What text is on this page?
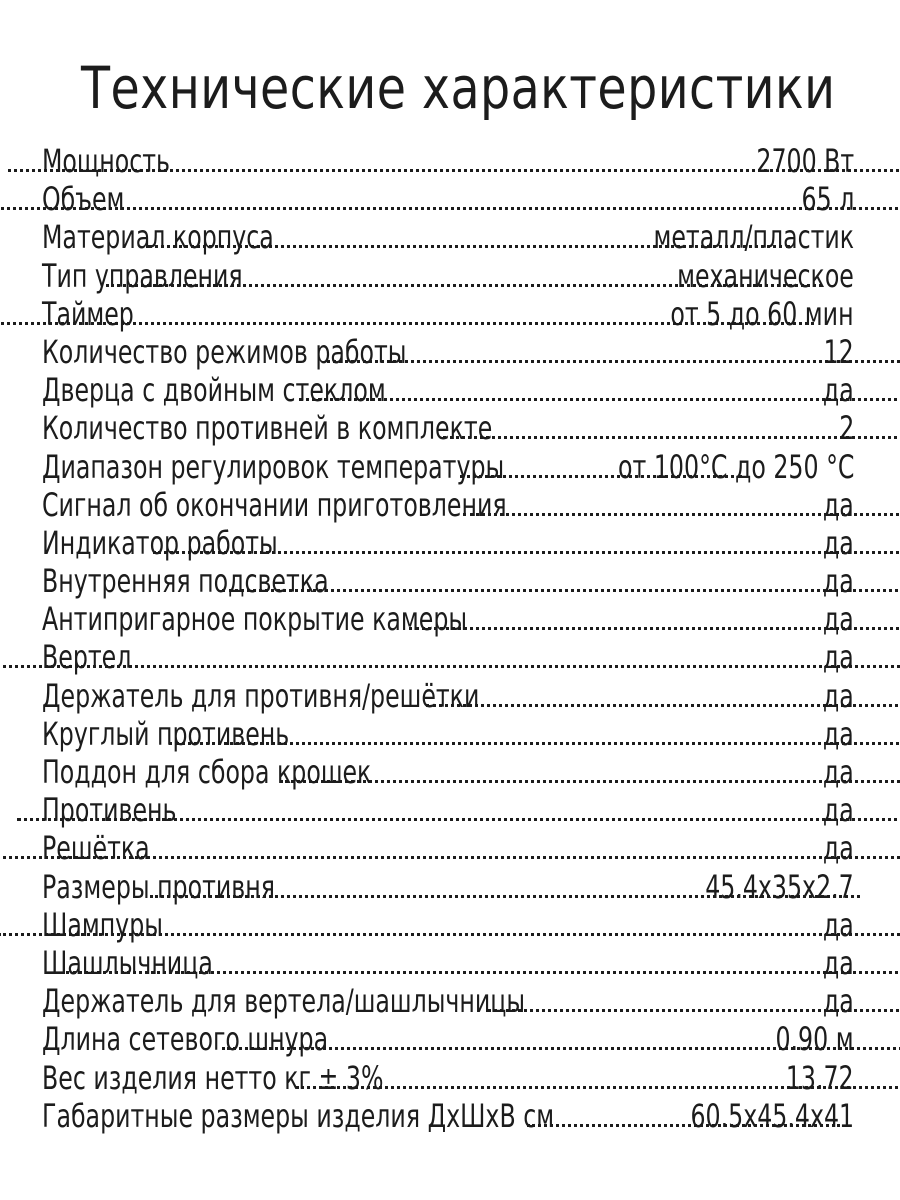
Технические характеристики
Мощность	2700 Вт
Объем	65 л
Материал корпуса	металл/пластик
Тип управления	механическое
Таймер	от 5 до 60 мин
Количество режимов работы	12
Дверца с двойным стеклом	да
Количество противней в комплекте	2
Диапазон регулировок температуры	от 100°C до 250 °C
Сигнал об окончании приготовления	да
Индикатор работы	да
Внутренняя подсветка	да
Антипригарное покрытие камеры	да
Вертел	да
Держатель для противня/решётки	да
Круглый противень	да
Поддон для сбора крошек	да
Противень	да
Решётка	да
Размеры противня	45.4х35х2.7
Шампуры	да
Шашлычница	да
Держатель для вертела/шашлычницы	да
Длина сетевого шнура	0.90 м
Вес изделия нетто кг ± 3%	13.72
Габаритные размеры изделия ДхШхВ см	60.5х45.4х41
